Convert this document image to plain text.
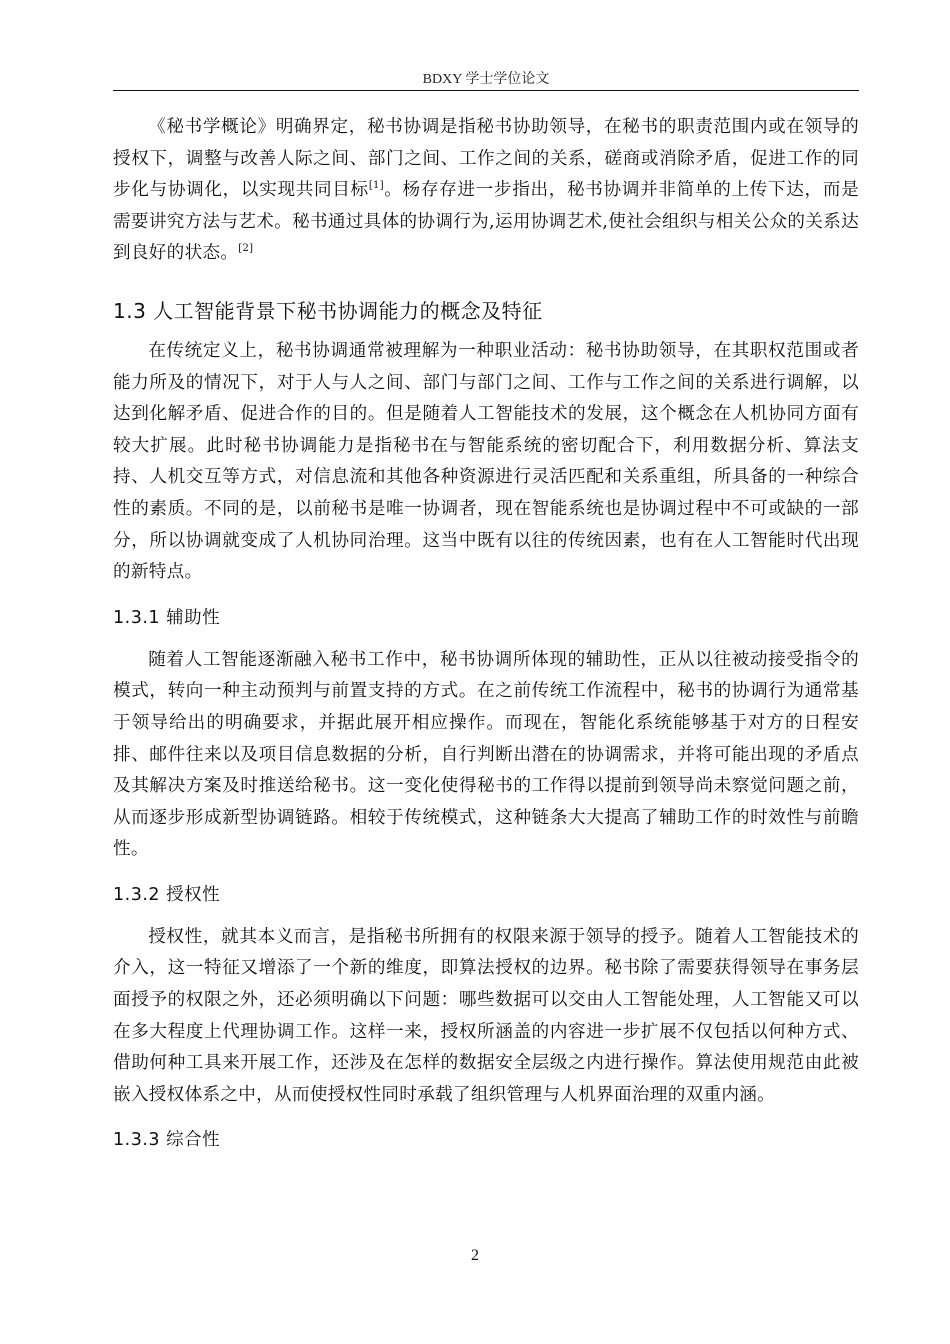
BDXY 学士学位论文

《秘书学概论》明确界定，秘书协调是指秘书协助领导，在秘书的职责范围内或在领导的授权下，调整与改善人际之间、部门之间、工作之间的关系，磋商或消除矛盾，促进工作的同步化与协调化，以实现共同目标[1]。杨存存进一步指出，秘书协调并非简单的上传下达，而是需要讲究方法与艺术。秘书通过具体的协调行为,运用协调艺术,使社会组织与相关公众的关系达到良好的状态。[2]

1.3 人工智能背景下秘书协调能力的概念及特征

在传统定义上，秘书协调通常被理解为一种职业活动：秘书协助领导，在其职权范围或者能力所及的情况下，对于人与人之间、部门与部门之间、工作与工作之间的关系进行调解，以达到化解矛盾、促进合作的目的。但是随着人工智能技术的发展，这个概念在人机协同方面有较大扩展。此时秘书协调能力是指秘书在与智能系统的密切配合下，利用数据分析、算法支持、人机交互等方式，对信息流和其他各种资源进行灵活匹配和关系重组，所具备的一种综合性的素质。不同的是，以前秘书是唯一协调者，现在智能系统也是协调过程中不可或缺的一部分，所以协调就变成了人机协同治理。这当中既有以往的传统因素，也有在人工智能时代出现的新特点。

1.3.1 辅助性

随着人工智能逐渐融入秘书工作中，秘书协调所体现的辅助性，正从以往被动接受指令的模式，转向一种主动预判与前置支持的方式。在之前传统工作流程中，秘书的协调行为通常基于领导给出的明确要求，并据此展开相应操作。而现在，智能化系统能够基于对方的日程安排、邮件往来以及项目信息数据的分析，自行判断出潜在的协调需求，并将可能出现的矛盾点及其解决方案及时推送给秘书。这一变化使得秘书的工作得以提前到领导尚未察觉问题之前，从而逐步形成新型协调链路。相较于传统模式，这种链条大大提高了辅助工作的时效性与前瞻性。

1.3.2 授权性

授权性，就其本义而言，是指秘书所拥有的权限来源于领导的授予。随着人工智能技术的介入，这一特征又增添了一个新的维度，即算法授权的边界。秘书除了需要获得领导在事务层面授予的权限之外，还必须明确以下问题：哪些数据可以交由人工智能处理，人工智能又可以在多大程度上代理协调工作。这样一来，授权所涵盖的内容进一步扩展不仅包括以何种方式、借助何种工具来开展工作，还涉及在怎样的数据安全层级之内进行操作。算法使用规范由此被嵌入授权体系之中，从而使授权性同时承载了组织管理与人机界面治理的双重内涵。

1.3.3 综合性
2
